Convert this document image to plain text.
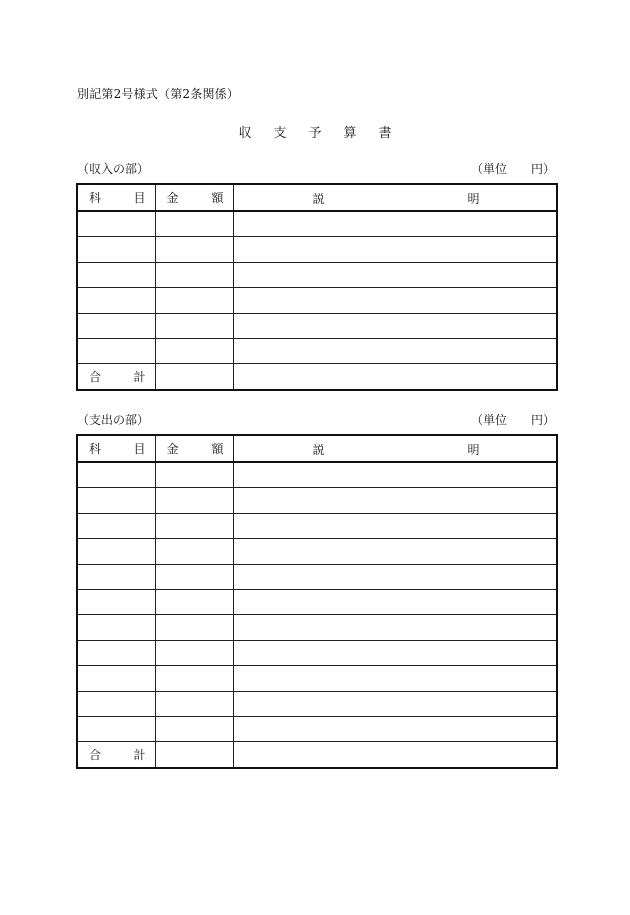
別記第2号様式（第2条関係）
収 支 予 算 書
（収入の部）	（単位 円）
科 目	金 額	説 明

合 計		

（支出の部）	（単位 円）
科 目	金 額	説 明

合 計		
